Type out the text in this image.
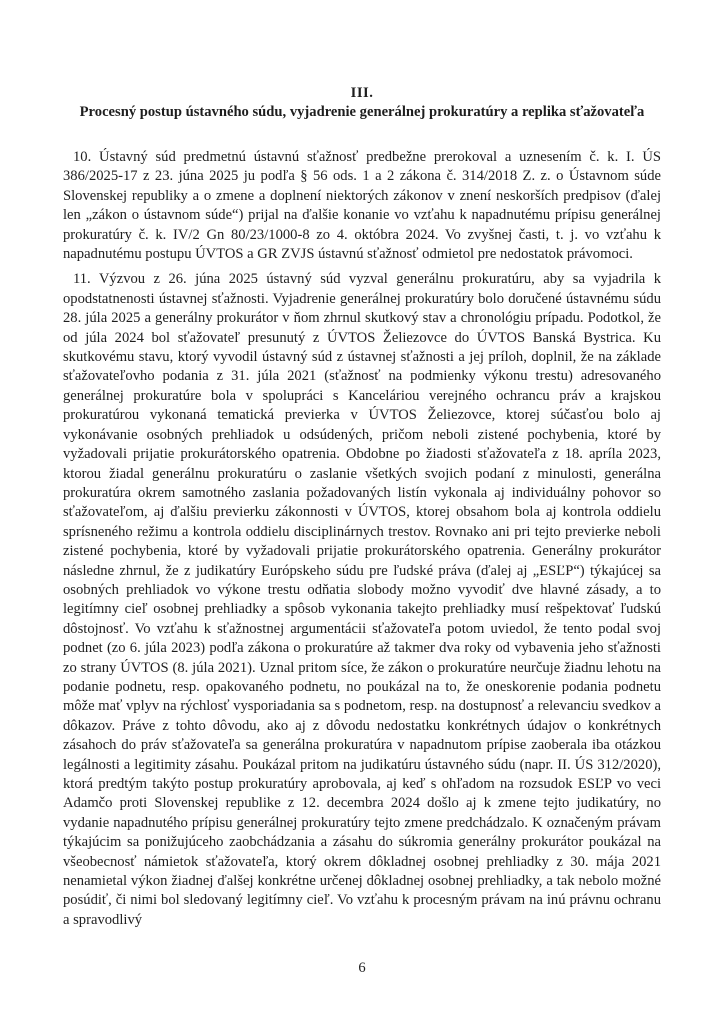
III.
Procesný postup ústavného súdu, vyjadrenie generálnej prokuratúry a replika sťažovateľa

10. Ústavný súd predmetnú ústavnú sťažnosť predbežne prerokoval a uznesením č. k. I. ÚS 386/2025-17 z 23. júna 2025 ju podľa § 56 ods. 1 a 2 zákona č. 314/2018 Z. z. o Ústavnom súde Slovenskej republiky a o zmene a doplnení niektorých zákonov v znení neskorších predpisov (ďalej len „zákon o ústavnom súde“) prijal na ďalšie konanie vo vzťahu k napadnutému prípisu generálnej prokuratúry č. k. IV/2 Gn 80/23/1000-8 zo 4. októbra 2024. Vo zvyšnej časti, t. j. vo vzťahu k napadnutému postupu ÚVTOS a GR ZVJS ústavnú sťažnosť odmietol pre nedostatok právomoci.

11. Výzvou z 26. júna 2025 ústavný súd vyzval generálnu prokuratúru, aby sa vyjadrila k opodstatnenosti ústavnej sťažnosti. Vyjadrenie generálnej prokuratúry bolo doručené ústavnému súdu 28. júla 2025 a generálny prokurátor v ňom zhrnul skutkový stav a chronológiu prípadu. Podotkol, že od júla 2024 bol sťažovateľ presunutý z ÚVTOS Želiezovce do ÚVTOS Banská Bystrica. Ku skutkovému stavu, ktorý vyvodil ústavný súd z ústavnej sťažnosti a jej príloh, doplnil, že na základe sťažovateľovho podania z 31. júla 2021 (sťažnosť na podmienky výkonu trestu) adresovaného generálnej prokuratúre bola v spolupráci s Kanceláriou verejného ochrancu práv a krajskou prokuratúrou vykonaná tematická previerka v ÚVTOS Želiezovce, ktorej súčasťou bolo aj vykonávanie osobných prehliadok u odsúdených, pričom neboli zistené pochybenia, ktoré by vyžadovali prijatie prokurátorského opatrenia. Obdobne po žiadosti sťažovateľa z 18. apríla 2023, ktorou žiadal generálnu prokuratúru o zaslanie všetkých svojich podaní z minulosti, generálna prokuratúra okrem samotného zaslania požadovaných listín vykonala aj individuálny pohovor so sťažovateľom, aj ďalšiu previerku zákonnosti v ÚVTOS, ktorej obsahom bola aj kontrola oddielu sprísneného režimu a kontrola oddielu disciplinárnych trestov. Rovnako ani pri tejto previerke neboli zistené pochybenia, ktoré by vyžadovali prijatie prokurátorského opatrenia. Generálny prokurátor následne zhrnul, že z judikatúry Európskeho súdu pre ľudské práva (ďalej aj „ESĽP“) týkajúcej sa osobných prehliadok vo výkone trestu odňatia slobody možno vyvodiť dve hlavné zásady, a to legitímny cieľ osobnej prehliadky a spôsob vykonania takejto prehliadky musí rešpektovať ľudskú dôstojnosť. Vo vzťahu k sťažnostnej argumentácii sťažovateľa potom uviedol, že tento podal svoj podnet (zo 6. júla 2023) podľa zákona o prokuratúre až takmer dva roky od vybavenia jeho sťažnosti zo strany ÚVTOS (8. júla 2021). Uznal pritom síce, že zákon o prokuratúre neurčuje žiadnu lehotu na podanie podnetu, resp. opakovaného podnetu, no poukázal na to, že oneskorenie podania podnetu môže mať vplyv na rýchlosť vysporiadania sa s podnetom, resp. na dostupnosť a relevanciu svedkov a dôkazov. Práve z tohto dôvodu, ako aj z dôvodu nedostatku konkrétnych údajov o konkrétnych zásahoch do práv sťažovateľa sa generálna prokuratúra v napadnutom prípise zaoberala iba otázkou legálnosti a legitimity zásahu. Poukázal pritom na judikatúru ústavného súdu (napr. II. ÚS 312/2020), ktorá predtým takýto postup prokuratúry aprobovala, aj keď s ohľadom na rozsudok ESĽP vo veci Adamčo proti Slovenskej republike z 12. decembra 2024 došlo aj k zmene tejto judikatúry, no vydanie napadnutého prípisu generálnej prokuratúry tejto zmene predchádzalo. K označeným právam týkajúcim sa ponižujúceho zaobchádzania a zásahu do súkromia generálny prokurátor poukázal na všeobecnosť námietok sťažovateľa, ktorý okrem dôkladnej osobnej prehliadky z 30. mája 2021 nenamietal výkon žiadnej ďalšej konkrétne určenej dôkladnej osobnej prehliadky, a tak nebolo možné posúdiť, či nimi bol sledovaný legitímny cieľ. Vo vzťahu k procesným právam na inú právnu ochranu a spravodlivý

6
